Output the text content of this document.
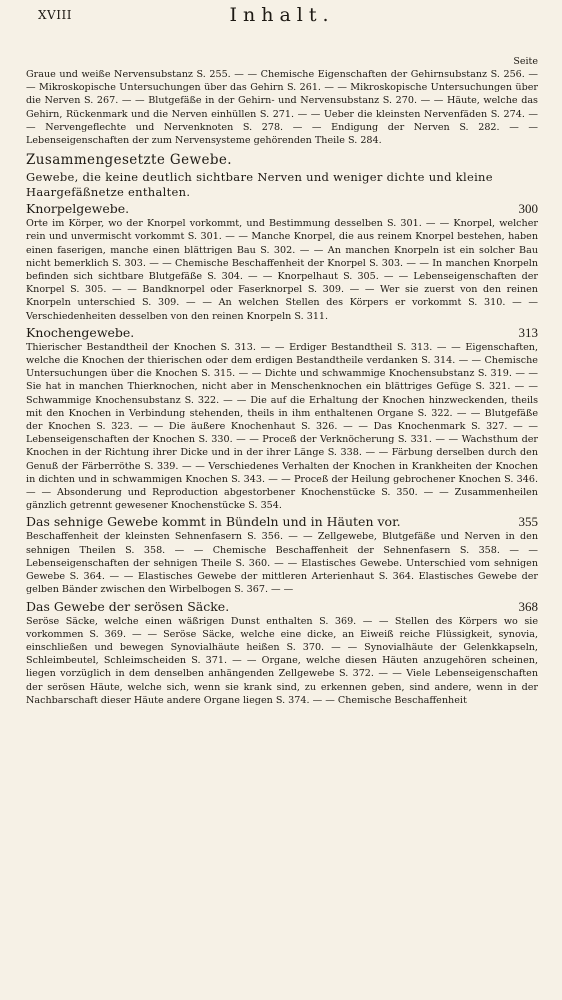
XVIII	Inhalt.
Seite

Graue und weiße Nervensubstanz S. 255. — — Chemische Eigenschaften der Gehirnsubstanz S. 256. — — Mikroskopische Untersuchungen über das Gehirn S. 261. — — Mikroskopische Untersuchungen über die Nerven S. 267. — — Blutgefäße in der Gehirn- und Nervensubstanz S. 270. — — Häute, welche das Gehirn, Rückenmark und die Nerven einhüllen S. 271. — — Ueber die kleinsten Nervenfäden S. 274. — — Nervengeflechte und Nervenknoten S. 278. — — Endigung der Nerven S. 282. — — Lebenseigenschaften der zum Nervensysteme gehörenden Theile S. 284.

Zusammengesetzte Gewebe.
Gewebe, die keine deutlich sichtbare Nerven und weniger dichte und kleine Haargefäßnetze enthalten.
Knorpelgewebe.	300

Orte im Körper, wo der Knorpel vorkommt, und Bestimmung desselben S. 301. — — Knorpel, welcher rein und unvermischt vorkommt S. 301. — — Manche Knorpel, die aus reinem Knorpel bestehen, haben einen faserigen, manche einen blättrigen Bau S. 302. — — An manchen Knorpeln ist ein solcher Bau nicht bemerklich S. 303. — — Chemische Beschaffenheit der Knorpel S. 303. — — In manchen Knorpeln befinden sich sichtbare Blutgefäße S. 304. — — Knorpelhaut S. 305. — — Lebenseigenschaften der Knorpel S. 305. — — Bandknorpel oder Faserknorpel S. 309. — — Wer sie zuerst von den reinen Knorpeln unterschied S. 309. — — An welchen Stellen des Körpers er vorkommt S. 310. — — Verschiedenheiten desselben von den reinen Knorpeln S. 311.

Knochengewebe.	313

Thierischer Bestandtheil der Knochen S. 313. — — Erdiger Bestandtheil S. 313. — — Eigenschaften, welche die Knochen der thierischen oder dem erdigen Bestandtheile verdanken S. 314. — — Chemische Untersuchungen über die Knochen S. 315. — — Dichte und schwammige Knochensubstanz S. 319. — — Sie hat in manchen Thierknochen, nicht aber in Menschenknochen ein blättriges Gefüge S. 321. — — Schwammige Knochensubstanz S. 322. — — Die auf die Erhaltung der Knochen hinzweckenden, theils mit den Knochen in Verbindung stehenden, theils in ihm enthaltenen Organe S. 322. — — Blutgefäße der Knochen S. 323. — — Die äußere Knochenhaut S. 326. — — Das Knochenmark S. 327. — — Lebenseigenschaften der Knochen S. 330. — — Proceß der Verknöcherung S. 331. — — Wachsthum der Knochen in der Richtung ihrer Dicke und in der ihrer Länge S. 338. — — Färbung derselben durch den Genuß der Färberröthe S. 339. — — Verschiedenes Verhalten der Knochen in Krankheiten der Knochen in dichten und in schwammigen Knochen S. 343. — — Proceß der Heilung gebrochener Knochen S. 346. — — Absonderung und Reproduction abgestorbener Knochenstücke S. 350. — — Zusammenheilen gänzlich getrennt gewesener Knochenstücke S. 354.

Das sehnige Gewebe kommt in Bündeln und in Häuten vor.	355

Beschaffenheit der kleinsten Sehnenfasern S. 356. — — Zellgewebe, Blutgefäße und Nerven in den sehnigen Theilen S. 358. — — Chemische Beschaffenheit der Sehnenfasern S. 358. — — Lebenseigenschaften der sehnigen Theile S. 360. — — Elastisches Gewebe. Unterschied vom sehnigen Gewebe S. 364. — — Elastisches Gewebe der mittleren Arterienhaut S. 364. Elastisches Gewebe der gelben Bänder zwischen den Wirbelbogen S. 367. — —

Das Gewebe der serösen Säcke.	368

Seröse Säcke, welche einen wäßrigen Dunst enthalten S. 369. — — Stellen des Körpers wo sie vorkommen S. 369. — — Seröse Säcke, welche eine dicke, an Eiweiß reiche Flüssigkeit, synovia, einschließen und bewegen Synovialhäute heißen S. 370. — — Synovialhäute der Gelenkkapseln, Schleimbeutel, Schleimscheiden S. 371. — — Organe, welche diesen Häuten anzugehören scheinen, liegen vorzüglich in dem denselben anhängenden Zellgewebe S. 372. — — Viele Lebenseigenschaften der serösen Häute, welche sich, wenn sie krank sind, zu erkennen geben, sind andere, wenn in der Nachbarschaft dieser Häute andere Organe liegen S. 374. — — Chemische Beschaffenheit
